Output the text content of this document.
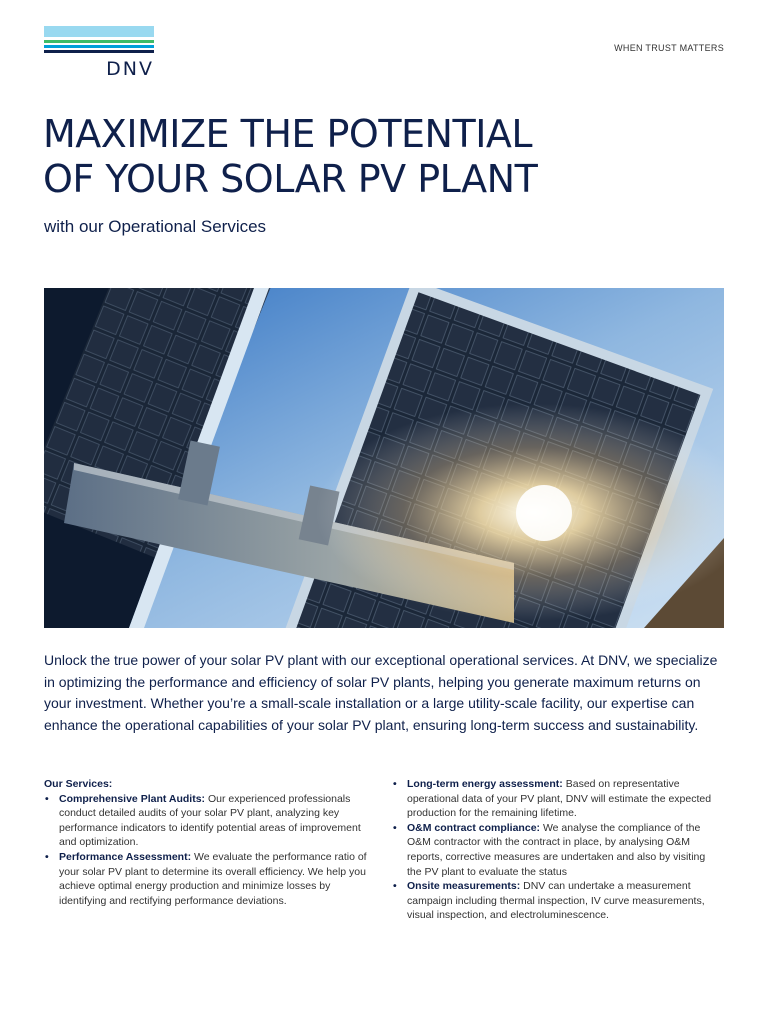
DNV
WHEN TRUST MATTERS
MAXIMIZE THE POTENTIAL
OF YOUR SOLAR PV PLANT

with our Operational Services

Unlock the true power of your solar PV plant with our exceptional operational services. At DNV, we specialize in optimizing the performance and efficiency of solar PV plants, helping you generate maximum returns on your investment. Whether you’re a small-scale installation or a large utility-scale facility, our expertise can enhance the operational capabilities of your solar PV plant, ensuring long-term success and sustainability.

Our Services:

• Comprehensive Plant Audits: Our experienced professionals conduct detailed audits of your solar PV plant, analyzing key performance indicators to identify potential areas of improvement and optimization.
• Performance Assessment: We evaluate the performance ratio of your solar PV plant to determine its overall efficiency. We help you achieve optimal energy production and minimize losses by identifying and rectifying performance deviations.
• Long-term energy assessment: Based on representative operational data of your PV plant, DNV will estimate the expected production for the remaining lifetime.
• O&M contract compliance: We analyse the compliance of the O&M contractor with the contract in place, by analysing O&M reports, corrective measures are undertaken and also by visiting the PV plant to evaluate the status
• Onsite measurements: DNV can undertake a measurement campaign including thermal inspection, IV curve measurements, visual inspection, and electroluminescence.
